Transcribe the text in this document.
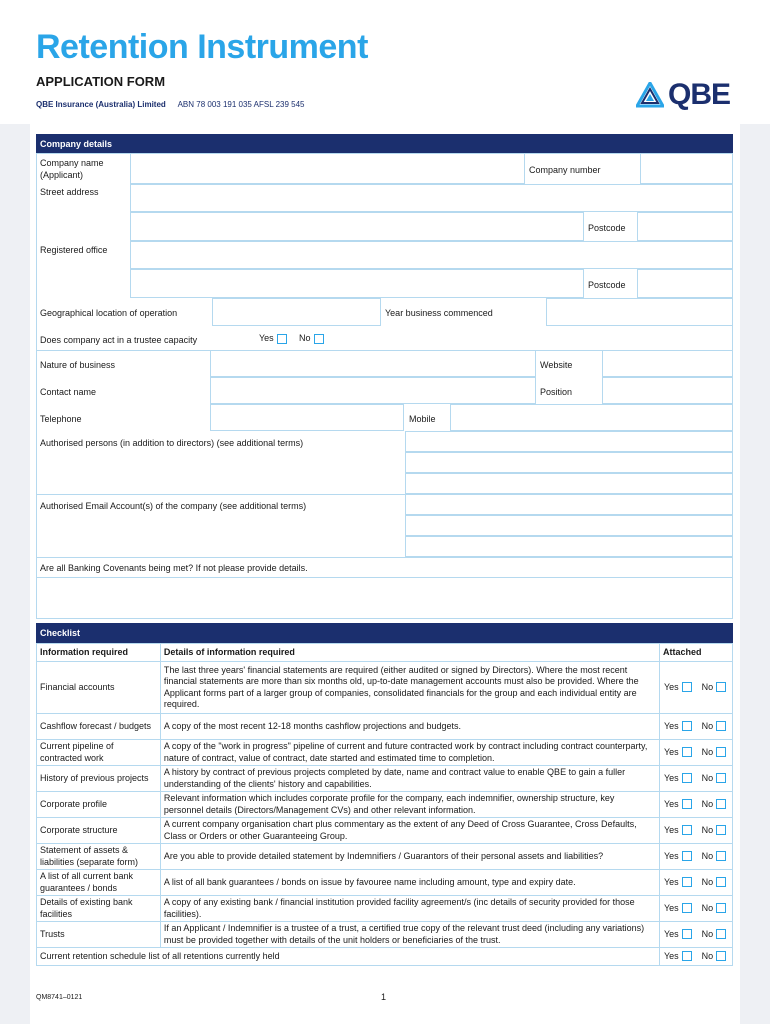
Retention Instrument
APPLICATION FORM
QBE Insurance (Australia) Limited ABN 78 003 191 035 AFSL 239 545	QBE
Company details
Company name
(Applicant)	Company number
Street address
Postcode
Registered office
Postcode
Geographical location of operation	Year business commenced
Does company act in a trustee capacity	Yes	No
Nature of business	Website
Contact name	Position
Telephone	Mobile
Authorised persons (in addition to directors) (see additional terms)
Authorised Email Account(s) of the company (see additional terms)
Are all Banking Covenants being met? If not please provide details.
Checklist
Information required	Details of information required	Attached
Financial accounts	The last three years' financial statements are required (either audited or signed by Directors). Where the most recent financial statements are more than six months old, up-to-date management accounts must also be provided. Where the Applicant forms part of a larger group of companies, consolidated financials for the group and each individual entity are required.	Yes No
Cashflow forecast / budgets	A copy of the most recent 12-18 months cashflow projections and budgets.	Yes No
Current pipeline of contracted work	A copy of the "work in progress" pipeline of current and future contracted work by contract including contract counterparty, nature of contract, value of contract, date started and estimated time to completion.	Yes No
History of previous projects	A history by contract of previous projects completed by date, name and contract value to enable QBE to gain a fuller understanding of the clients' history and capabilities.	Yes No
Corporate profile	Relevant information which includes corporate profile for the company, each indemnifier, ownership structure, key personnel details (Directors/Management CVs) and other relevant information.	Yes No
Corporate structure	A current company organisation chart plus commentary as the extent of any Deed of Cross Guarantee, Cross Defaults, Class or Orders or other Guaranteeing Group.	Yes No
Statement of assets & liabilities (separate form)	Are you able to provide detailed statement by Indemnifiers / Guarantors of their personal assets and liabilities?	Yes No
A list of all current bank guarantees / bonds	A list of all bank guarantees / bonds on issue by favouree name including amount, type and expiry date.	Yes No
Details of existing bank facilities	A copy of any existing bank / financial institution provided facility agreement/s (inc details of security provided for those facilities).	Yes No
Trusts	If an Applicant / Indemnifier is a trustee of a trust, a certified true copy of the relevant trust deed (including any variations) must be provided together with details of the unit holders or beneficiaries of the trust.	Yes No
Current retention schedule list of all retentions currently held		Yes No
QM8741–0121	1
